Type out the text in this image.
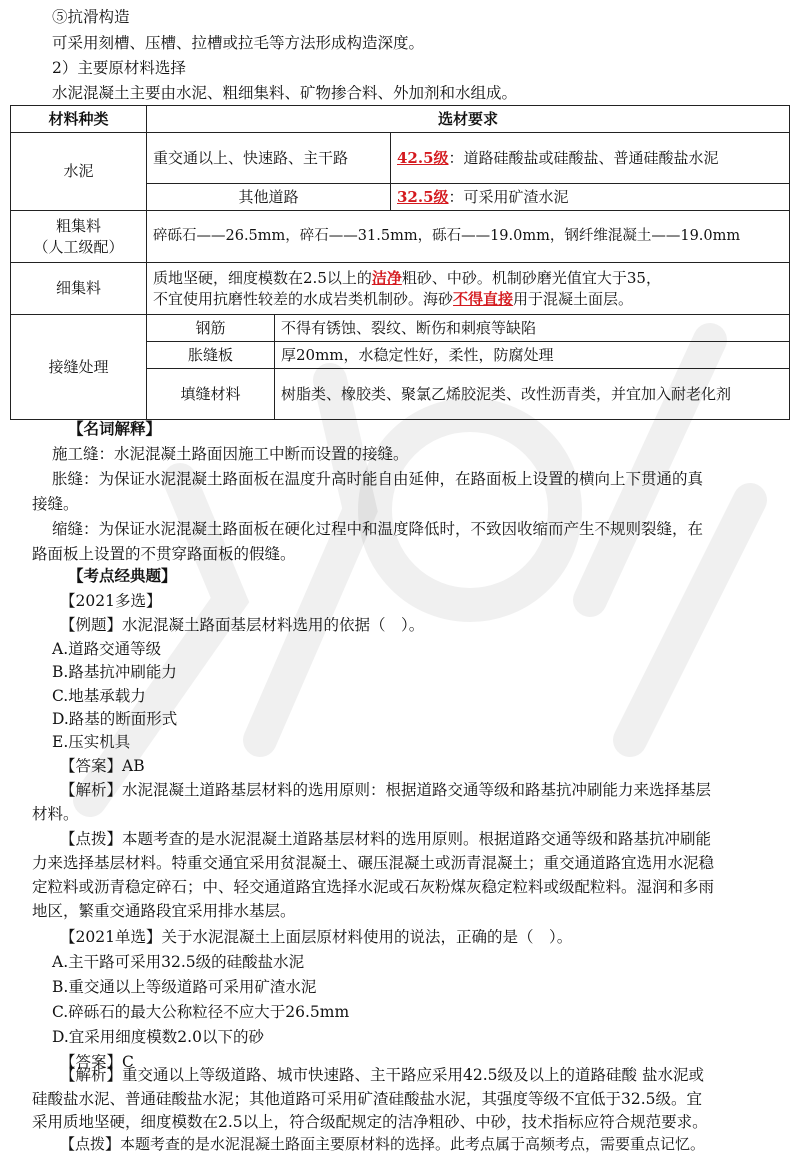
⑤抗滑构造
可采用刻槽、压槽、拉槽或拉毛等方法形成构造深度。
2）主要原材料选择
水泥混凝土主要由水泥、粗细集料、矿物掺合料、外加剂和水组成。
材料种类	选材要求		
水泥	重交通以上、快速路、主干路		42.5级：道路硅酸盐或硅酸盐、普通硅酸盐水泥
	其他道路		32.5级：可采用矿渣水泥
粗集料
（人工级配）	碎砾石——26.5mm，碎石——31.5mm，砾石——19.0mm，钢纤维混凝土——19.0mm		
细集料	质地坚硬，细度模数在2.5以上的洁净粗砂、中砂。机制砂磨光值宜大于35，
不宜使用抗磨性较差的水成岩类机制砂。海砂不得直接用于混凝土面层。		
接缝处理	钢筋	不得有锈蚀、裂纹、断伤和刺痕等缺陷	
	胀缝板	厚20mm，水稳定性好，柔性，防腐处理	
	填缝材料	树脂类、橡胶类、聚氯乙烯胶泥类、改性沥青类，并宜加入耐老化剂	
【名词解释】
施工缝：水泥混凝土路面因施工中断而设置的接缝。
胀缝：为保证水泥混凝土路面板在温度升高时能自由延伸，在路面板上设置的横向上下贯通的真
接缝。
缩缝：为保证水泥混凝土路面板在硬化过程中和温度降低时，不致因收缩而产生不规则裂缝，在
路面板上设置的不贯穿路面板的假缝。
【考点经典题】
【2021多选】
【例题】水泥混凝土路面基层材料选用的依据（　）。
A.道路交通等级
B.路基抗冲刷能力
C.地基承载力
D.路基的断面形式
E.压实机具
【答案】AB
【解析】水泥混凝土道路基层材料的选用原则：根据道路交通等级和路基抗冲刷能力来选择基层
材料。
【点拨】本题考查的是水泥混凝土道路基层材料的选用原则。根据道路交通等级和路基抗冲刷能
力来选择基层材料。特重交通宜采用贫混凝土、碾压混凝土或沥青混凝土；重交通道路宜选用水泥稳
定粒料或沥青稳定碎石；中、轻交通道路宜选择水泥或石灰粉煤灰稳定粒料或级配粒料。湿润和多雨
地区，繁重交通路段宜采用排水基层。
【2021单选】关于水泥混凝土上面层原材料使用的说法，正确的是（　）。
A.主干路可采用32.5级的硅酸盐水泥
B.重交通以上等级道路可采用矿渣水泥
C.碎砾石的最大公称粒径不应大于26.5mm
D.宜采用细度模数2.0以下的砂
【答案】C
【解析】重交通以上等级道路、城市快速路、主干路应采用42.5级及以上的道路硅酸 盐水泥或
硅酸盐水泥、普通硅酸盐水泥；其他道路可采用矿渣硅酸盐水泥，其强度等级不宜低于32.5级。宜
采用质地坚硬，细度模数在2.5以上，符合级配规定的洁净粗砂、中砂，技术指标应符合规范要求。
【点拨】本题考查的是水泥混凝土路面主要原材料的选择。此考点属于高频考点，需要重点记忆。
